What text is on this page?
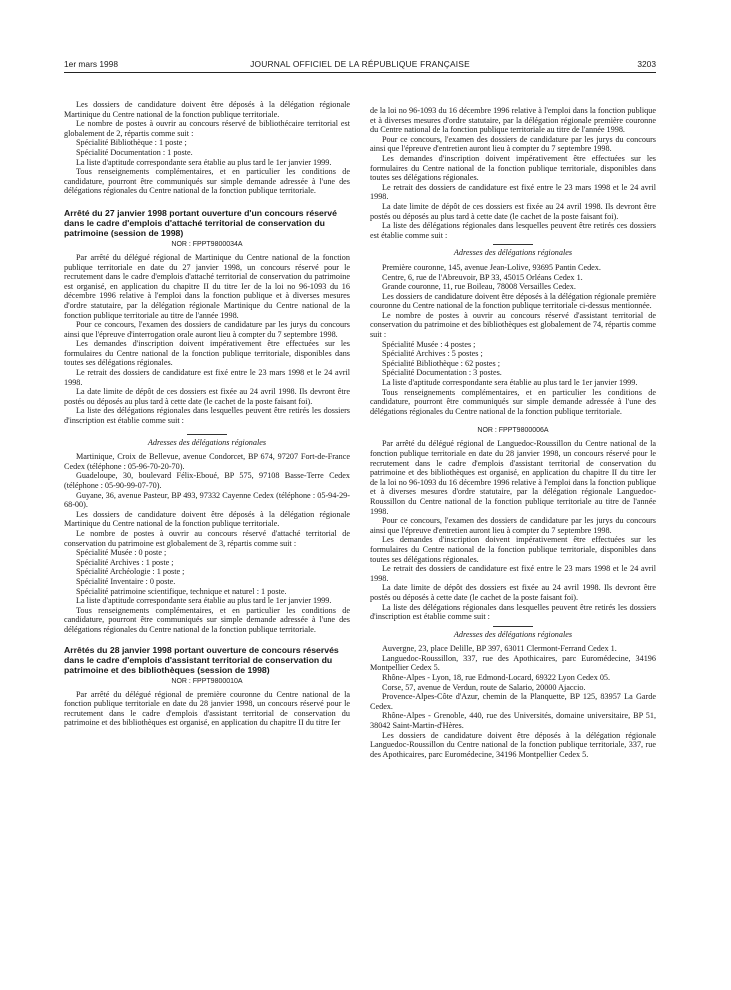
1er mars 1998	JOURNAL OFFICIEL DE LA RÉPUBLIQUE FRANÇAISE	3203

Les dossiers de candidature doivent être déposés à la délégation régionale Martinique du Centre national de la fonction publique territoriale.

Le nombre de postes à ouvrir au concours réservé de bibliothécaire territorial est globalement de 2, répartis comme suit :

Spécialité Bibliothèque : 1 poste ;

Spécialité Documentation : 1 poste.

La liste d'aptitude correspondante sera établie au plus tard le 1er janvier 1999.

Tous renseignements complémentaires, et en particulier les conditions de candidature, pourront être communiqués sur simple demande adressée à l'une des délégations régionales du Centre national de la fonction publique territoriale.

Arrêté du 27 janvier 1998 portant ouverture d'un concours réservé dans le cadre d'emplois d'attaché territorial de conservation du patrimoine (session de 1998)

NOR : FPPT9800034A

Par arrêté du délégué régional de Martinique du Centre national de la fonction publique territoriale en date du 27 janvier 1998, un concours réservé pour le recrutement dans le cadre d'emplois d'attaché territorial de conservation du patrimoine est organisé, en application du chapitre II du titre Ier de la loi no 96-1093 du 16 décembre 1996 relative à l'emploi dans la fonction publique et à diverses mesures d'ordre statutaire, par la délégation régionale Martinique du Centre national de la fonction publique territoriale au titre de l'année 1998.

Pour ce concours, l'examen des dossiers de candidature par les jurys du concours ainsi que l'épreuve d'interrogation orale auront lieu à compter du 7 septembre 1998.

Les demandes d'inscription doivent impérativement être effectuées sur les formulaires du Centre national de la fonction publique territoriale, disponibles dans toutes ses délégations régionales.

Le retrait des dossiers de candidature est fixé entre le 23 mars 1998 et le 24 avril 1998.

La date limite de dépôt de ces dossiers est fixée au 24 avril 1998. Ils devront être postés ou déposés au plus tard à cette date (le cachet de la poste faisant foi).

La liste des délégations régionales dans lesquelles peuvent être retirés les dossiers d'inscription est établie comme suit :

Adresses des délégations régionales

Martinique, Croix de Bellevue, avenue Condorcet, BP 674, 97207 Fort-de-France Cedex (téléphone : 05-96-70-20-70).

Guadeloupe, 30, boulevard Félix-Eboué, BP 575, 97108 Basse-Terre Cedex (téléphone : 05-90-99-07-70).

Guyane, 36, avenue Pasteur, BP 493, 97332 Cayenne Cedex (téléphone : 05-94-29-68-00).

Les dossiers de candidature doivent être déposés à la délégation régionale Martinique du Centre national de la fonction publique territoriale.

Le nombre de postes à ouvrir au concours réservé d'attaché territorial de conservation du patrimoine est globalement de 3, répartis comme suit :

Spécialité Musée : 0 poste ;

Spécialité Archives : 1 poste ;

Spécialité Archéologie : 1 poste ;

Spécialité Inventaire : 0 poste.

Spécialité patrimoine scientifique, technique et naturel : 1 poste.

La liste d'aptitude correspondante sera établie au plus tard le 1er janvier 1999.

Tous renseignements complémentaires, et en particulier les conditions de candidature, pourront être communiqués sur simple demande adressée à l'une des délégations régionales du Centre national de la fonction publique territoriale.

Arrêtés du 28 janvier 1998 portant ouverture de concours réservés dans le cadre d'emplois d'assistant territorial de conservation du patrimoine et des bibliothèques (session de 1998)

NOR : FPPT9800010A

Par arrêté du délégué régional de première couronne du Centre national de la fonction publique territoriale en date du 28 janvier 1998, un concours réservé pour le recrutement dans le cadre d'emplois d'assistant territorial de conservation du patrimoine et des bibliothèques est organisé, en application du chapitre II du titre Ier

de la loi no 96-1093 du 16 décembre 1996 relative à l'emploi dans la fonction publique et à diverses mesures d'ordre statutaire, par la délégation régionale première couronne du Centre national de la fonction publique territoriale au titre de l'année 1998.

Pour ce concours, l'examen des dossiers de candidature par les jurys du concours ainsi que l'épreuve d'entretien auront lieu à compter du 7 septembre 1998.

Les demandes d'inscription doivent impérativement être effectuées sur les formulaires du Centre national de la fonction publique territoriale, disponibles dans toutes ses délégations régionales.

Le retrait des dossiers de candidature est fixé entre le 23 mars 1998 et le 24 avril 1998.

La date limite de dépôt de ces dossiers est fixée au 24 avril 1998. Ils devront être postés ou déposés au plus tard à cette date (le cachet de la poste faisant foi).

La liste des délégations régionales dans lesquelles peuvent être retirés ces dossiers est établie comme suit :

Adresses des délégations régionales

Première couronne, 145, avenue Jean-Lolive, 93695 Pantin Cedex.

Centre, 6, rue de l'Abreuvoir, BP 33, 45015 Orléans Cedex 1.

Grande couronne, 11, rue Boileau, 78008 Versailles Cedex.

Les dossiers de candidature doivent être déposés à la délégation régionale première couronne du Centre national de la fonction publique territoriale ci-dessus mentionnée.

Le nombre de postes à ouvrir au concours réservé d'assistant territorial de conservation du patrimoine et des bibliothèques est globalement de 74, répartis comme suit :

Spécialité Musée : 4 postes ;

Spécialité Archives : 5 postes ;

Spécialité Bibliothèque : 62 postes ;

Spécialité Documentation : 3 postes.

La liste d'aptitude correspondante sera établie au plus tard le 1er janvier 1999.

Tous renseignements complémentaires, et en particulier les conditions de candidature, pourront être communiqués sur simple demande adressée à l'une des délégations régionales du Centre national de la fonction publique territoriale.

NOR : FPPT9800006A

Par arrêté du délégué régional de Languedoc-Roussillon du Centre national de la fonction publique territoriale en date du 28 janvier 1998, un concours réservé pour le recrutement dans le cadre d'emplois d'assistant territorial de conservation du patrimoine et des bibliothèques est organisé, en application du chapitre II du titre Ier de la loi no 96-1093 du 16 décembre 1996 relative à l'emploi dans la fonction publique et à diverses mesures d'ordre statutaire, par la délégation régionale Languedoc-Roussillon du Centre national de la fonction publique territoriale au titre de l'année 1998.

Pour ce concours, l'examen des dossiers de candidature par les jurys du concours ainsi que l'épreuve d'entretien auront lieu à compter du 7 septembre 1998.

Les demandes d'inscription doivent impérativement être effectuées sur les formulaires du Centre national de la fonction publique territoriale, disponibles dans toutes ses délégations régionales.

Le retrait des dossiers de candidature est fixé entre le 23 mars 1998 et le 24 avril 1998.

La date limite de dépôt des dossiers est fixée au 24 avril 1998. Ils devront être postés ou déposés à cette date (le cachet de la poste faisant foi).

La liste des délégations régionales dans lesquelles peuvent être retirés les dossiers d'inscription est établie comme suit :

Adresses des délégations régionales

Auvergne, 23, place Delille, BP 397, 63011 Clermont-Ferrand Cedex 1.

Languedoc-Roussillon, 337, rue des Apothicaires, parc Euromédecine, 34196 Montpellier Cedex 5.

Rhône-Alpes - Lyon, 18, rue Edmond-Locard, 69322 Lyon Cedex 05.

Corse, 57, avenue de Verdun, route de Salario, 20000 Ajaccio.

Provence-Alpes-Côte d'Azur, chemin de la Planquette, BP 125, 83957 La Garde Cedex.

Rhône-Alpes - Grenoble, 440, rue des Universités, domaine universitaire, BP 51, 38042 Saint-Martin-d'Hères.

Les dossiers de candidature doivent être déposés à la délégation régionale Languedoc-Roussillon du Centre national de la fonction publique territoriale, 337, rue des Apothicaires, parc Euromédecine, 34196 Montpellier Cedex 5.
